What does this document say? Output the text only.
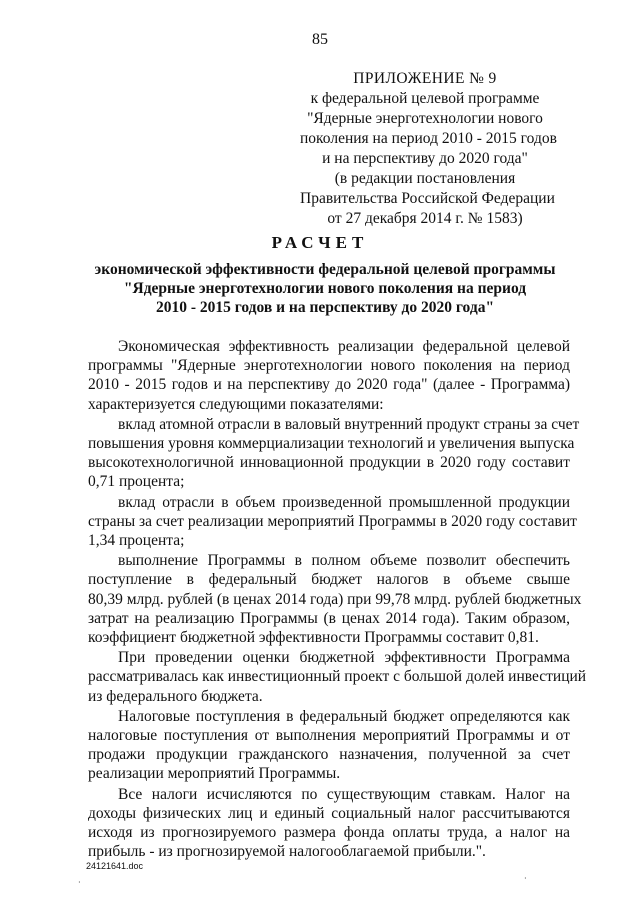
85
ПРИЛОЖЕНИЕ № 9
к федеральной целевой программе
"Ядерные энерготехнологии нового
поколения на период 2010 - 2015 годов
и на перспективу до 2020 года"
(в редакции постановления
Правительства Российской Федерации
от 27 декабря 2014 г. № 1583)
РАСЧЕТ
экономической эффективности федеральной целевой программы
"Ядерные энерготехнологии нового поколения на период
2010 - 2015 годов и на перспективу до 2020 года"
Экономическая эффективность реализации федеральной целевой
программы "Ядерные энерготехнологии нового поколения на период
2010 - 2015 годов и на перспективу до 2020 года" (далее - Программа)
характеризуется следующими показателями:
вклад атомной отрасли в валовый внутренний продукт страны за счет
повышения уровня коммерциализации технологий и увеличения выпуска
высокотехнологичной инновационной продукции в 2020 году составит
0,71 процента;
вклад отрасли в объем произведенной промышленной продукции
страны за счет реализации мероприятий Программы в 2020 году составит
1,34 процента;
выполнение Программы в полном объеме позволит обеспечить
поступление в федеральный бюджет налогов в объеме свыше
80,39 млрд. рублей (в ценах 2014 года) при 99,78 млрд. рублей бюджетных
затрат на реализацию Программы (в ценах 2014 года). Таким образом,
коэффициент бюджетной эффективности Программы составит 0,81.
При проведении оценки бюджетной эффективности Программа
рассматривалась как инвестиционный проект с большой долей инвестиций
из федерального бюджета.
Налоговые поступления в федеральный бюджет определяются как
налоговые поступления от выполнения мероприятий Программы и от
продажи продукции гражданского назначения, полученной за счет
реализации мероприятий Программы.
Все налоги исчисляются по существующим ставкам. Налог на
доходы физических лиц и единый социальный налог рассчитываются
исходя из прогнозируемого размера фонда оплаты труда, а налог на
прибыль - из прогнозируемой налогооблагаемой прибыли.".
24121641.doc
·	·
